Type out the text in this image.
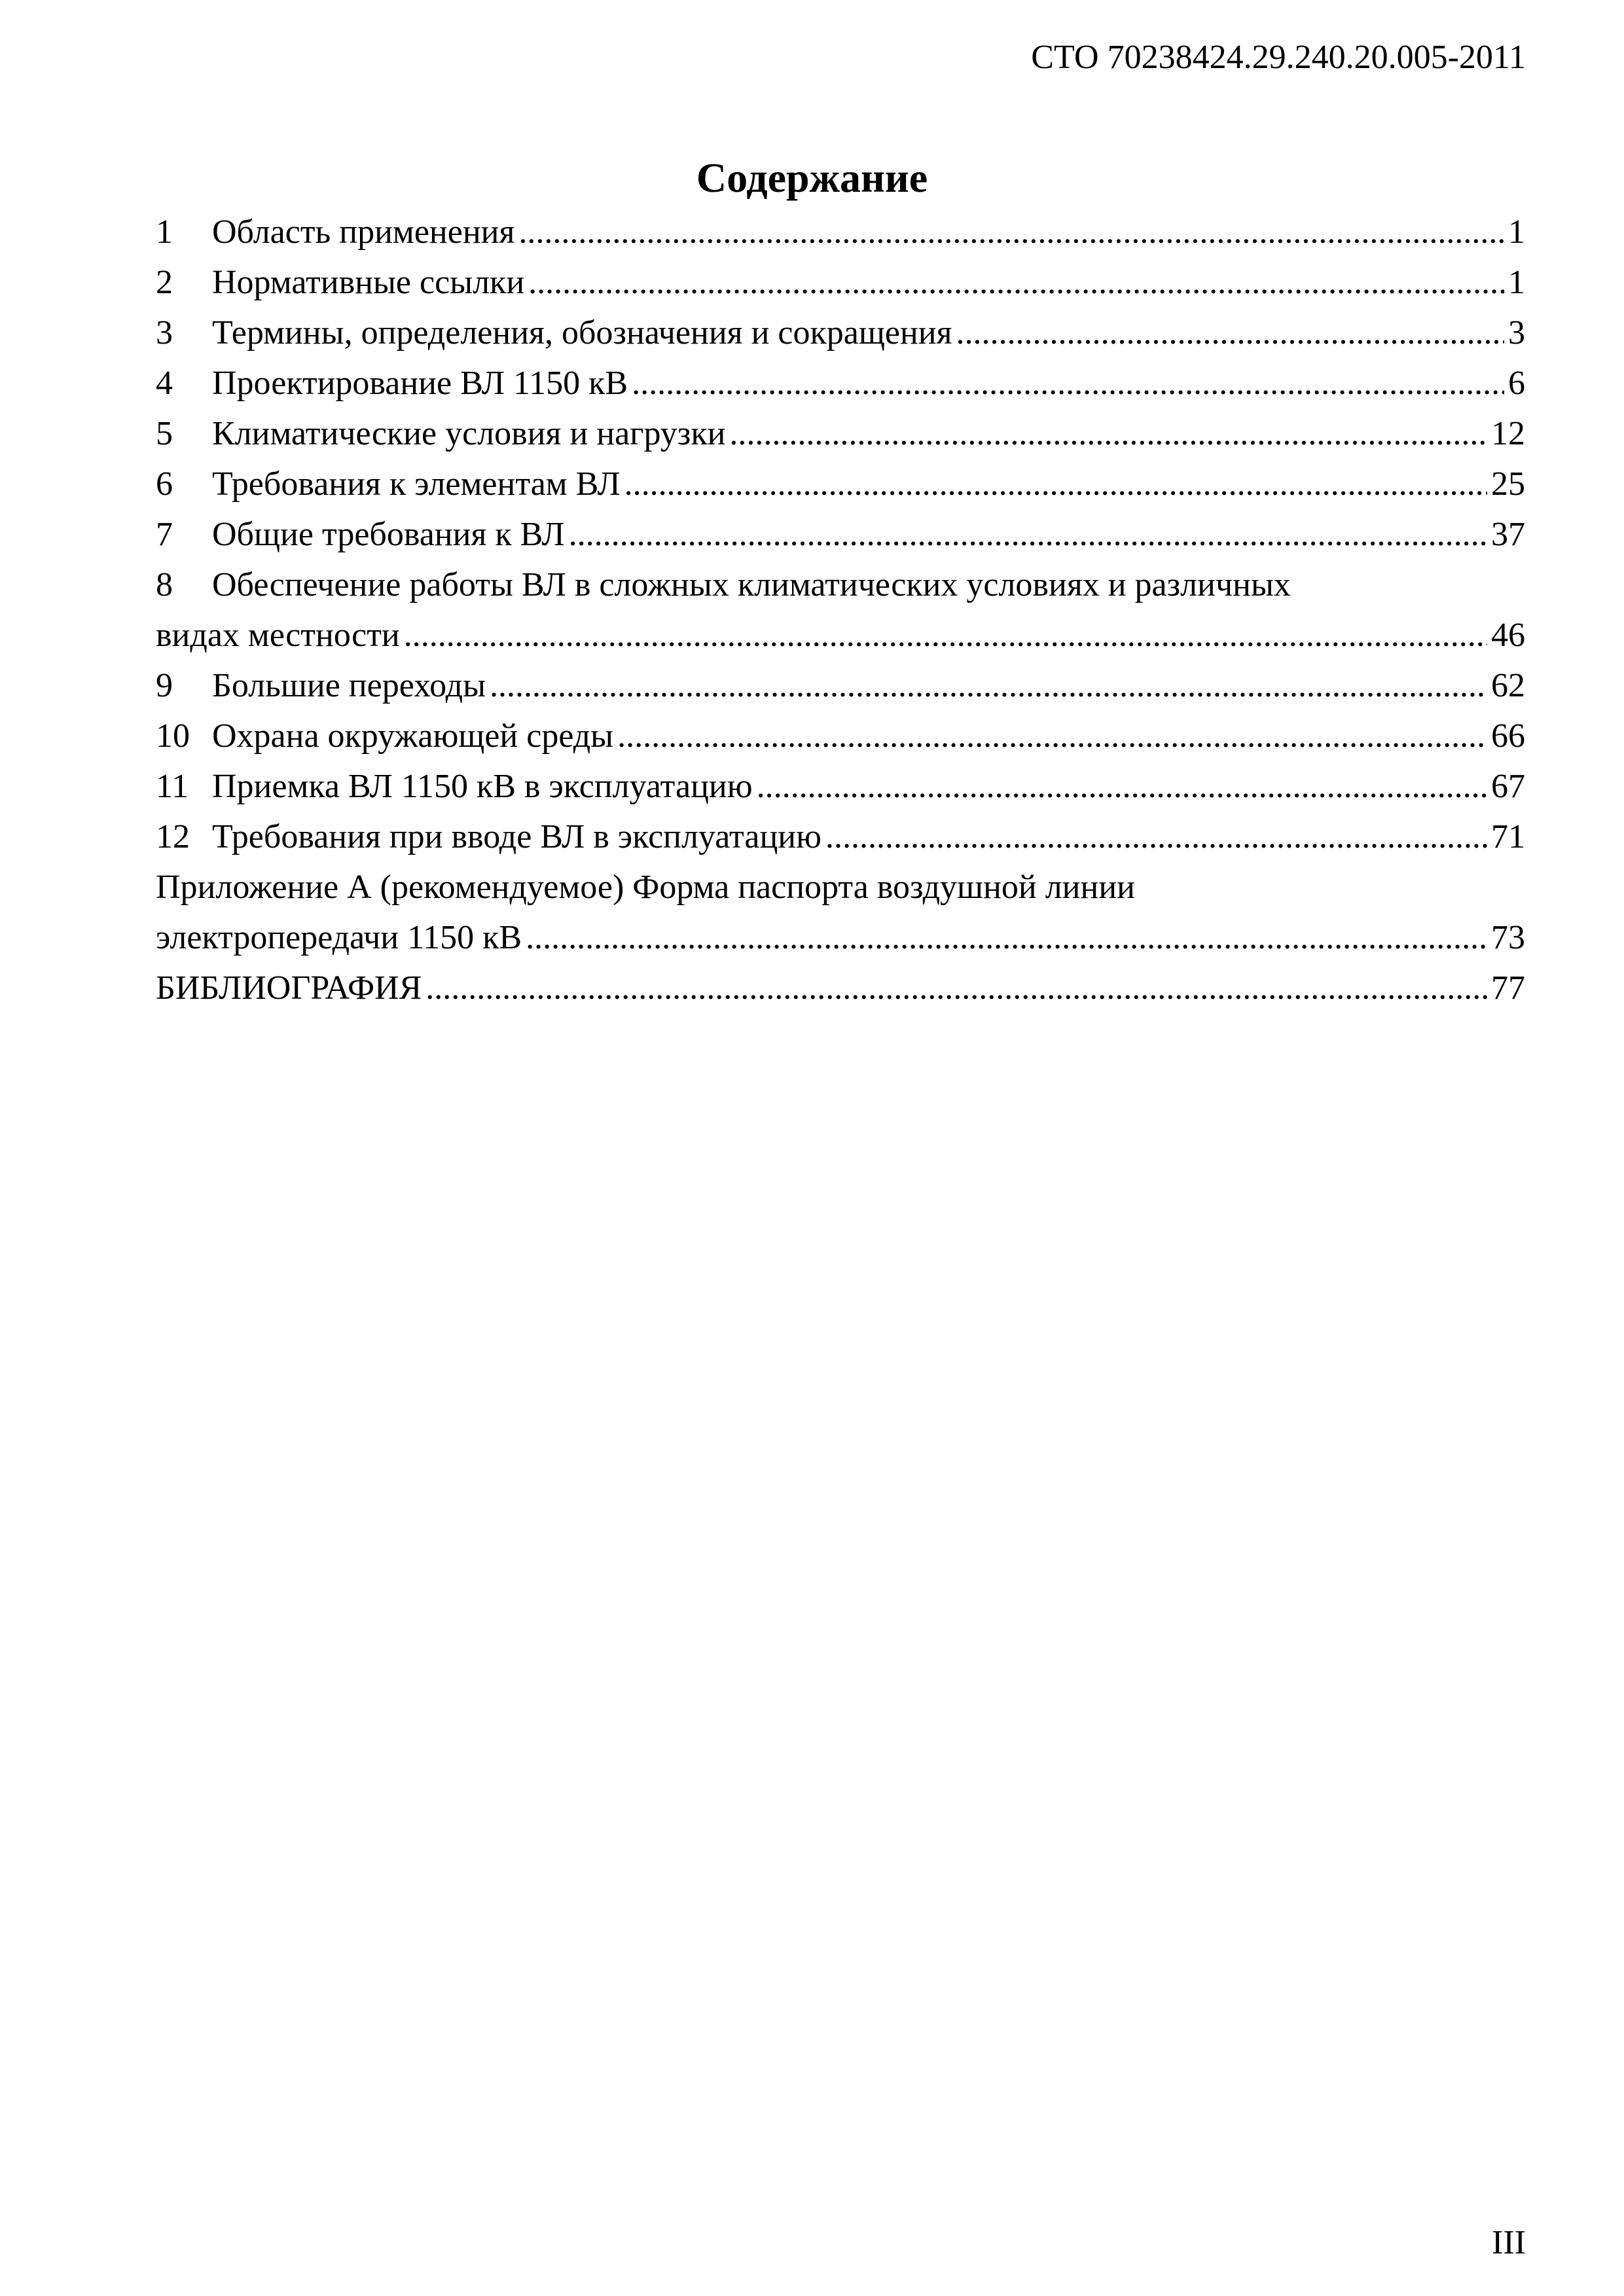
СТО 70238424.29.240.20.005-2011
Содержание
1	Область применения .....	1
2	Нормативные ссылки .....	1
3	Термины, определения, обозначения и сокращения .....	3
4	Проектирование ВЛ 1150 кВ .....	6
5	Климатические условия и нагрузки .....	12
6	Требования к элементам ВЛ .....	25
7	Общие требования к ВЛ .....	37
8 Обеспечение работы ВЛ в сложных климатических условиях и различных
видах местности .....	46
9	Большие переходы .....	62
10 Охрана окружающей среды .....	66
11 Приемка ВЛ 1150 кВ в эксплуатацию .....	67
12 Требования при вводе ВЛ в эксплуатацию .....	71
Приложение А (рекомендуемое) Форма паспорта воздушной линии
электропередачи 1150 кВ .....	73
БИБЛИОГРАФИЯ .....	77
III
